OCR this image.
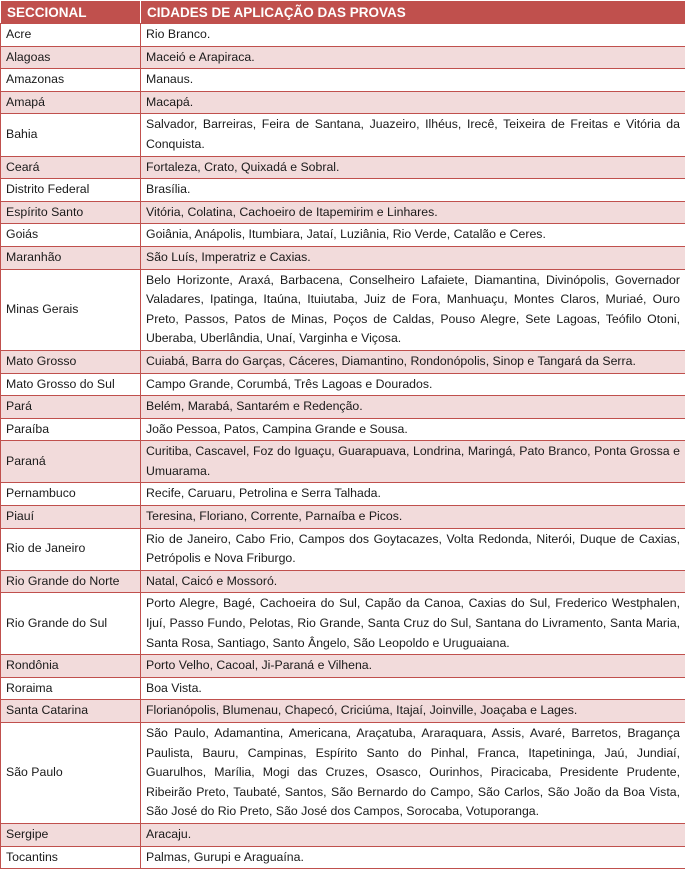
SECCIONAL	CIDADES DE APLICAÇÃO DAS PROVAS
Acre	Rio Branco.
Alagoas	Maceió e Arapiraca.
Amazonas	Manaus.
Amapá	Macapá.
Bahia	Salvador, Barreiras, Feira de Santana, Juazeiro, Ilhéus, Irecê, Teixeira de Freitas e Vitória da Conquista.
Ceará	Fortaleza, Crato, Quixadá e Sobral.
Distrito Federal	Brasília.
Espírito Santo	Vitória, Colatina, Cachoeiro de Itapemirim e Linhares.
Goiás	Goiânia, Anápolis, Itumbiara, Jataí, Luziânia, Rio Verde, Catalão e Ceres.
Maranhão	São Luís, Imperatriz e Caxias.
Minas Gerais	Belo Horizonte, Araxá, Barbacena, Conselheiro Lafaiete, Diamantina, Divinópolis, Governador Valadares, Ipatinga, Itaúna, Ituiutaba, Juiz de Fora, Manhuaçu, Montes Claros, Muriaé, Ouro Preto, Passos, Patos de Minas, Poços de Caldas, Pouso Alegre, Sete Lagoas, Teófilo Otoni, Uberaba, Uberlândia, Unaí, Varginha e Viçosa.
Mato Grosso	Cuiabá, Barra do Garças, Cáceres, Diamantino, Rondonópolis, Sinop e Tangará da Serra.
Mato Grosso do Sul	Campo Grande, Corumbá, Três Lagoas e Dourados.
Pará	Belém, Marabá, Santarém e Redenção.
Paraíba	João Pessoa, Patos, Campina Grande e Sousa.
Paraná	Curitiba, Cascavel, Foz do Iguaçu, Guarapuava, Londrina, Maringá, Pato Branco, Ponta Grossa e Umuarama.
Pernambuco	Recife, Caruaru, Petrolina e Serra Talhada.
Piauí	Teresina, Floriano, Corrente, Parnaíba e Picos.
Rio de Janeiro	Rio de Janeiro, Cabo Frio, Campos dos Goytacazes, Volta Redonda, Niterói, Duque de Caxias, Petrópolis e Nova Friburgo.
Rio Grande do Norte	Natal, Caicó e Mossoró.
Rio Grande do Sul	Porto Alegre, Bagé, Cachoeira do Sul, Capão da Canoa, Caxias do Sul, Frederico Westphalen, Ijuí, Passo Fundo, Pelotas, Rio Grande, Santa Cruz do Sul, Santana do Livramento, Santa Maria, Santa Rosa, Santiago, Santo Ângelo, São Leopoldo e Uruguaiana.
Rondônia	Porto Velho, Cacoal, Ji-Paraná e Vilhena.
Roraima	Boa Vista.
Santa Catarina	Florianópolis, Blumenau, Chapecó, Criciúma, Itajaí, Joinville, Joaçaba e Lages.
São Paulo	São Paulo, Adamantina, Americana, Araçatuba, Araraquara, Assis, Avaré, Barretos, Bragança Paulista, Bauru, Campinas, Espírito Santo do Pinhal, Franca, Itapetininga, Jaú, Jundiaí, Guarulhos, Marília, Mogi das Cruzes, Osasco, Ourinhos, Piracicaba, Presidente Prudente, Ribeirão Preto, Taubaté, Santos, São Bernardo do Campo, São Carlos, São João da Boa Vista, São José do Rio Preto, São José dos Campos, Sorocaba, Votuporanga.
Sergipe	Aracaju.
Tocantins	Palmas, Gurupi e Araguaína.
